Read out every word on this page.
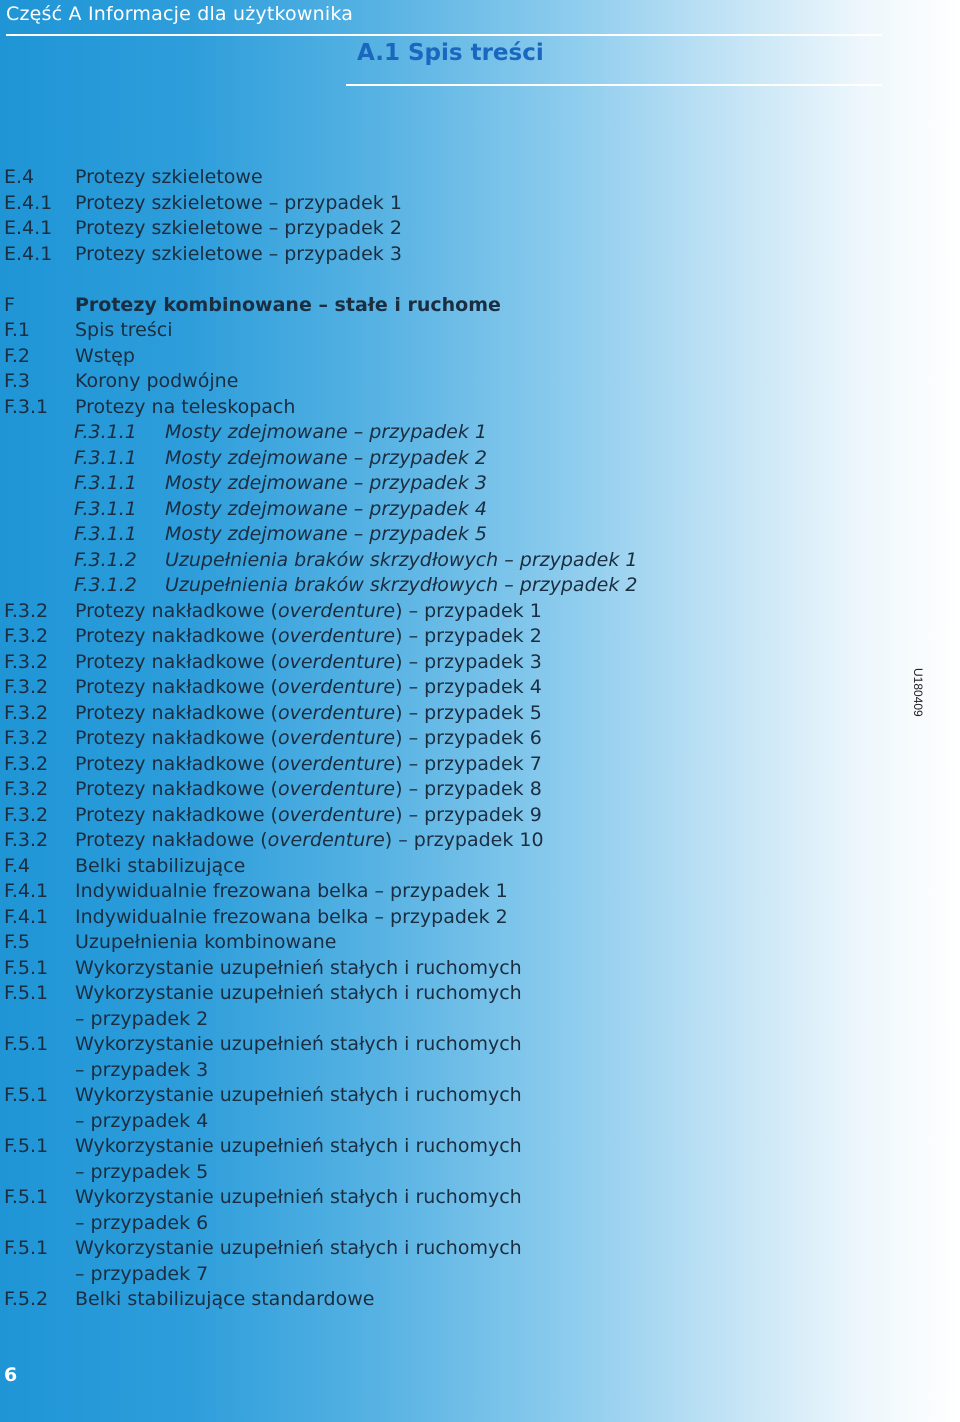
Część A Informacje dla użytkownika
A.1 Spis treści
U180409
E.4 Protezy szkieletowe
E.4.1 Protezy szkieletowe – przypadek 1
E.4.1 Protezy szkieletowe – przypadek 2
E.4.1 Protezy szkieletowe – przypadek 3
F	Protezy kombinowane – stałe i ruchome
F.1 Spis treści
F.2 Wstęp
F.3 Korony podwójne
F.3.1 Protezy na teleskopach
F.3.1.1 Mosty zdejmowane – przypadek 1
F.3.1.1 Mosty zdejmowane – przypadek 2
F.3.1.1 Mosty zdejmowane – przypadek 3
F.3.1.1 Mosty zdejmowane – przypadek 4
F.3.1.1 Mosty zdejmowane – przypadek 5
F.3.1.2 Uzupełnienia braków skrzydłowych – przypadek 1
F.3.1.2 Uzupełnienia braków skrzydłowych – przypadek 2
F.3.2 Protezy nakładkowe (overdenture) – przypadek 1
F.3.2 Protezy nakładkowe (overdenture) – przypadek 2
F.3.2 Protezy nakładkowe (overdenture) – przypadek 3
F.3.2 Protezy nakładkowe (overdenture) – przypadek 4
F.3.2 Protezy nakładkowe (overdenture) – przypadek 5
F.3.2 Protezy nakładkowe (overdenture) – przypadek 6
F.3.2 Protezy nakładkowe (overdenture) – przypadek 7
F.3.2 Protezy nakładkowe (overdenture) – przypadek 8
F.3.2 Protezy nakładkowe (overdenture) – przypadek 9
F.3.2 Protezy nakładowe (overdenture) – przypadek 10
F.4 Belki stabilizujące
F.4.1 Indywidualnie frezowana belka – przypadek 1
F.4.1 Indywidualnie frezowana belka – przypadek 2
F.5 Uzupełnienia kombinowane
F.5.1 Wykorzystanie uzupełnień stałych i ruchomych
F.5.1 Wykorzystanie uzupełnień stałych i ruchomych
– przypadek 2
F.5.1 Wykorzystanie uzupełnień stałych i ruchomych
– przypadek 3
F.5.1 Wykorzystanie uzupełnień stałych i ruchomych
– przypadek 4
F.5.1 Wykorzystanie uzupełnień stałych i ruchomych
– przypadek 5
F.5.1 Wykorzystanie uzupełnień stałych i ruchomych
– przypadek 6
F.5.1 Wykorzystanie uzupełnień stałych i ruchomych
– przypadek 7
F.5.2 Belki stabilizujące standardowe
6
